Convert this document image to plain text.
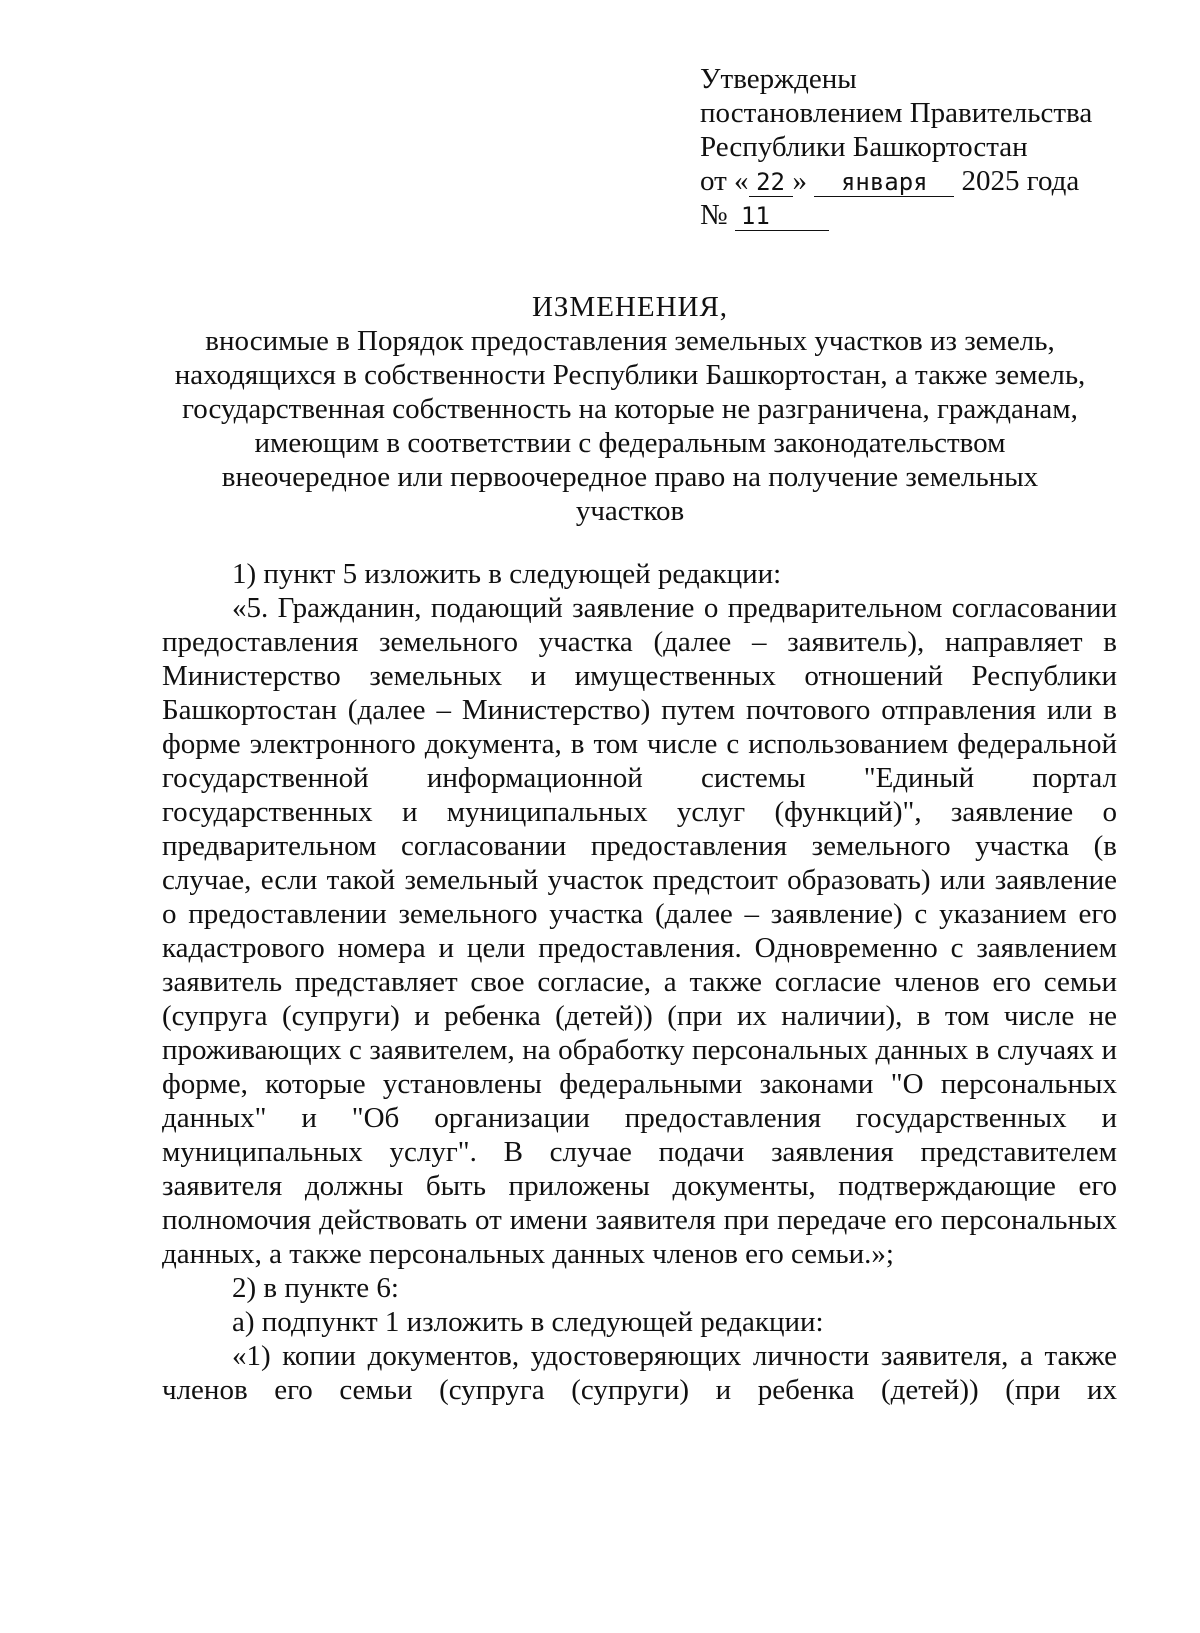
Утверждены
постановлением Правительства
Республики Башкортостан
от « 22 » января 2025 года
№ 11
ИЗМЕНЕНИЯ,
вносимые в Порядок предоставления земельных участков из земель,
находящихся в собственности Республики Башкортостан, а также земель,
государственная собственность на которые не разграничена, гражданам,
имеющим в соответствии с федеральным законодательством
внеочередное или первоочередное право на получение земельных
участков

1) пункт 5 изложить в следующей редакции:

«5. Гражданин, подающий заявление о предварительном согласовании предоставления земельного участка (далее – заявитель), направляет в Министерство земельных и имущественных отношений Республики Башкортостан (далее – Министерство) путем почтового отправления или в форме электронного документа, в том числе с использованием федеральной государственной информационной системы "Единый портал государственных и муниципальных услуг (функций)", заявление о предварительном согласовании предоставления земельного участка (в случае, если такой земельный участок предстоит образовать) или заявление о предоставлении земельного участка (далее – заявление) с указанием его кадастрового номера и цели предоставления. Одновременно с заявлением заявитель представляет свое согласие, а также согласие членов его семьи (супруга (супруги) и ребенка (детей)) (при их наличии), в том числе не проживающих с заявителем, на обработку персональных данных в случаях и форме, которые установлены федеральными законами "О персональных данных" и "Об организации предоставления государственных и муниципальных услуг". В случае подачи заявления представителем заявителя должны быть приложены документы, подтверждающие его полномочия действовать от имени заявителя при передаче его персональных данных, а также персональных данных членов его семьи.»;

2) в пункте 6:

а) подпункт 1 изложить в следующей редакции:

«1) копии документов, удостоверяющих личности заявителя, а также членов его семьи (супруга (супруги) и ребенка (детей)) (при их
